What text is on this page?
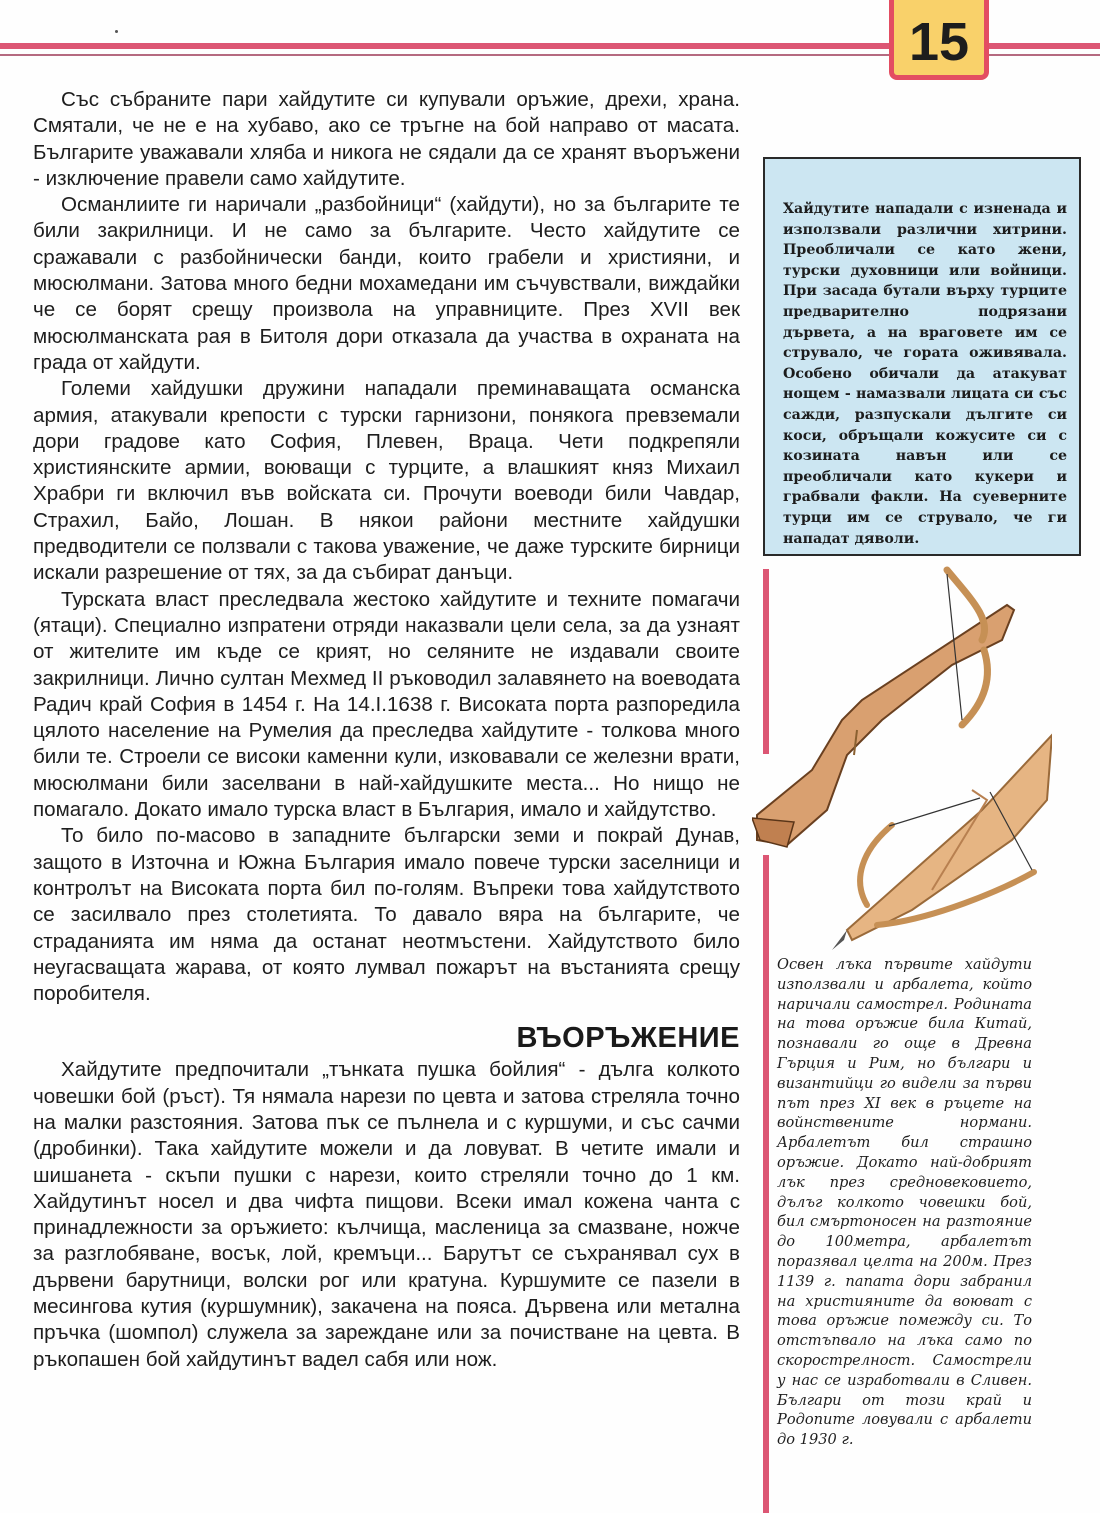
15

Със събраните пари хайдутите си купували оръжие, дрехи, храна. Смятали, че не е на хубаво, ако се тръгне на бой направо от масата. Българите уважавали хляба и никога не сядали да се хранят въоръжени - изключение правели само хайдутите.

Османлиите ги наричали „разбойници“ (хайдути), но за българите те били закрилници. И не само за българите. Често хайдутите се сражавали с разбойнически банди, които грабели и християни, и мюсюлмани. Затова много бедни мохамедани им съчувствали, виждайки че се борят срещу произвола на управниците. През XVII век мюсюлманската рая в Битоля дори отказала да участва в охраната на града от хайдути.

Големи хайдушки дружини нападали преминаващата османска армия, атакували крепости с турски гарнизони, понякога превземали дори градове като София, Плевен, Враца. Чети подкрепяли християнските армии, воюващи с турците, а влашкият княз Михаил Храбри ги включил във войската си. Прочути воеводи били Чавдар, Страхил, Байо, Лошан. В някои райони местните хайдушки предводители се ползвали с такова уважение, че даже турските бирници искали разрешение от тях, за да събират данъци.

Турската власт преследвала жестоко хайдутите и техните помагачи (ятаци). Специално изпратени отряди наказвали цели села, за да узнаят от жителите им къде се крият, но селяните не издавали своите закрилници. Лично султан Мехмед II ръководил залавянето на воеводата Радич край София в 1454 г. На 14.I.1638 г. Високата порта разпоредила цялото население на Румелия да преследва хайдутите - толкова много били те. Строели се високи каменни кули, изковавали се железни врати, мюсюлмани били заселвани в най-хайдушките места... Но нищо не помагало. Докато имало турска власт в България, имало и хайдутство.

То било по-масово в западните български земи и покрай Дунав, защото в Източна и Южна България имало повече турски заселници и контролът на Високата порта бил по-голям. Въпреки това хайдутството се засилвало през столетията. То давало вяра на българите, че страданията им няма да останат неотмъстени. Хайдутството било неугасващата жарава, от която лумвал пожарът на въстанията срещу поробителя.

ВЪОРЪЖЕНИЕ

Хайдутите предпочитали „тънката пушка бойлия“ - дълга колкото човешки бой (ръст). Тя нямала нарези по цевта и затова стреляла точно на малки разстояния. Затова пък се пълнела и с куршуми, и със сачми (дробинки). Така хайдутите можели и да ловуват. В четите имали и шишанета - скъпи пушки с нарези, които стреляли точно до 1 км. Хайдутинът носел и два чифта пищови. Всеки имал кожена чанта с принадлежности за оръжието: кълчища, масленица за смазване, ножче за разглобяване, восък, лой, кремъци... Барутът се съхранявал сух в дървени барутници, волски рог или кратуна. Куршумите се пазели в месингова кутия (куршумник), закачена на пояса. Дървена или метална пръчка (шомпол) служела за зареждане или за почистване на цевта. В ръкопашен бой хайдутинът вадел сабя или нож.

Хайдутите нападали с изненада и използвали различни хитрини. Преобличали се като жени, турски духовници или войници. При засада бутали върху турците предварително подрязани дървета, а на враговете им се струвало, че гората оживявала. Особено обичали да атакуват нощем - намазвали лицата си със сажди, разпускали дългите си коси, обръщали кожусите си с козината навън или се преобличали като кукери и грабвали факли. На суеверните турци им се струвало, че ги нападат дяволи.
Освен лъка първите хайдути използвали и арбалета, който наричали самострел. Родината на това оръжие била Китай, познавали го още в Древна Гърция и Рим, но българи и византийци го видели за първи път през XI век в ръцете на войнствените нормани. Арбалетът бил страшно оръжие. Докато най-добрият лък през средновековието, дълъг колкото човешки бой, бил смъртоносен на разтояние до 100метра, арбалетът поразявал целта на 200м. През 1139 г. папата дори забранил на християните да воюват с това оръжие помежду си. То отстъпвало на лъка само по скорострелност. Самострели у нас се изработвали в Сливен. Българи от този край и Родопите ловували с арбалети до 1930 г.
